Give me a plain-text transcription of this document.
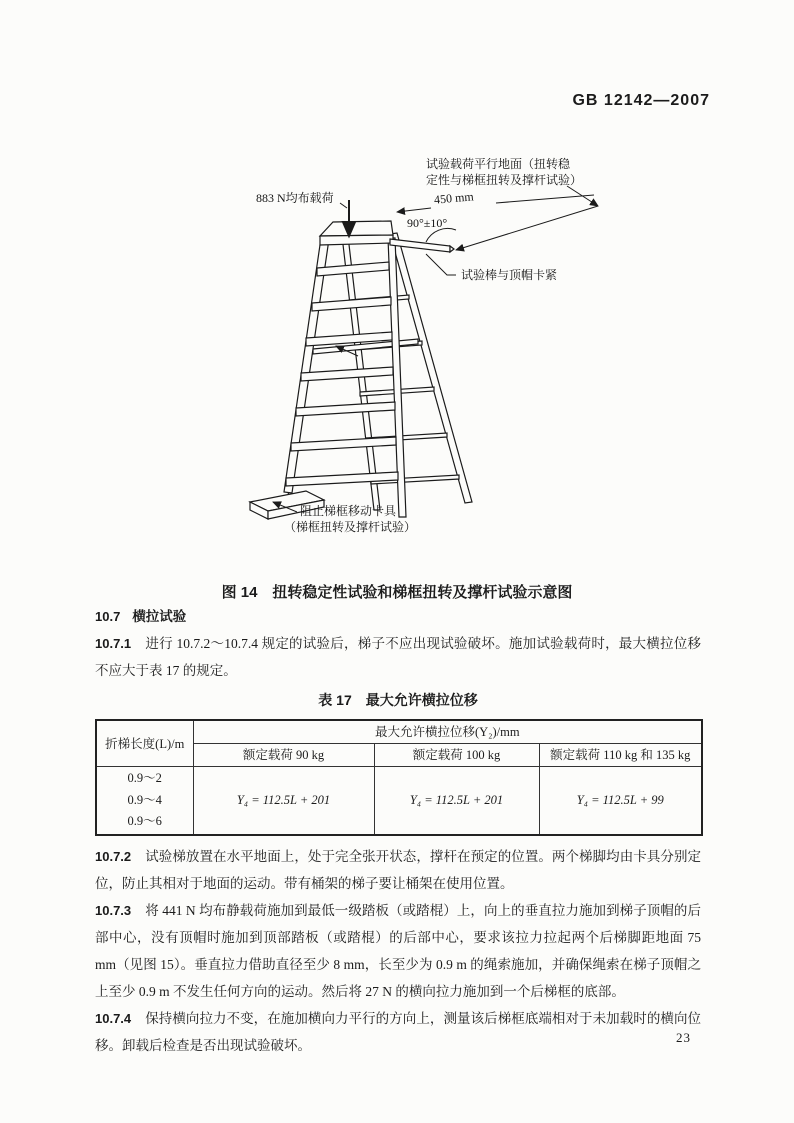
GB 12142—2007
试验载荷平行地面（扭转稳
定性与梯框扭转及撑杆试验）
883 N均布载荷	450 mm
90°±10°
试验棒与顶帽卡紧
阻止梯框移动卡具
（梯框扭转及撑杆试验）
图 14　扭转稳定性试验和梯框扭转及撑杆试验示意图

10.7 横拉试验

10.7.1 进行 10.7.2～10.7.4 规定的试验后，梯子不应出现试验破坏。施加试验载荷时，最大横拉位移不应大于表 17 的规定。

表 17　最大允许横拉位移
折梯长度(L)/m	最大允许横拉位移(Y₂)/mm		
	额定载荷 90 kg	额定载荷 100 kg	额定载荷 110 kg 和 135 kg

0.9～2
0.9～4
0.9～6	Y₄ = 112.5L + 201	Y₄ = 112.5L + 201	Y₄ = 112.5L + 99

10.7.2 试验梯放置在水平地面上，处于完全张开状态，撑杆在预定的位置。两个梯脚均由卡具分别定位，防止其相对于地面的运动。带有桶架的梯子要让桶架在使用位置。

10.7.3 将 441 N 均布静载荷施加到最低一级踏板（或踏棍）上，向上的垂直拉力施加到梯子顶帽的后部中心，没有顶帽时施加到顶部踏板（或踏棍）的后部中心，要求该拉力拉起两个后梯脚距地面 75 mm（见图 15）。垂直拉力借助直径至少 8 mm，长至少为 0.9 m 的绳索施加，并确保绳索在梯子顶帽之上至少 0.9 m 不发生任何方向的运动。然后将 27 N 的横向拉力施加到一个后梯框的底部。

10.7.4 保持横向拉力不变，在施加横向力平行的方向上，测量该后梯框底端相对于未加载时的横向位移。卸载后检查是否出现试验破坏。	23
